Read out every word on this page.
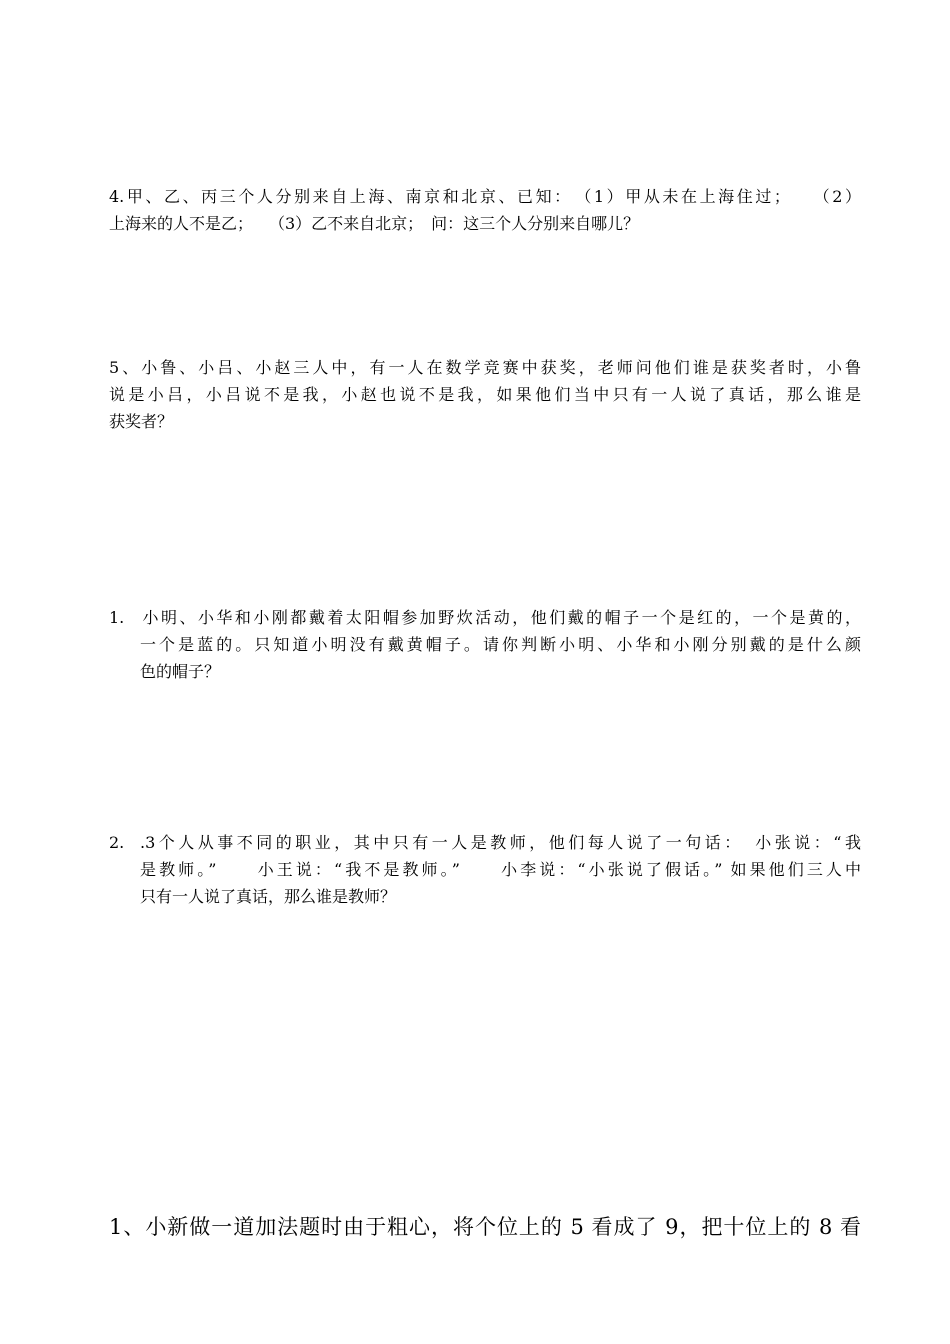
4.甲、乙、丙三个人分别来自上海、南京和北京、已知：　（1）甲从未在上海住过；　　（2）
上海来的人不是乙；　　（3）乙不来自北京；　问：这三个人分别来自哪儿？
5、小鲁、小吕、小赵三人中，有一人在数学竞赛中获奖，老师问他们谁是获奖者时，小鲁
说是小吕，小吕说不是我，小赵也说不是我，如果他们当中只有一人说了真话，那么谁是
获奖者？
1. 小明、小华和小刚都戴着太阳帽参加野炊活动，他们戴的帽子一个是红的，一个是黄的，
一个是蓝的。只知道小明没有戴黄帽子。请你判断小明、小华和小刚分别戴的是什么颜
色的帽子？
2. .3个人从事不同的职业，其中只有一人是教师，他们每人说了一句话：　小张说：“我
是教师。”　　小王说：“我不是教师。”　　小李说：“小张说了假话。” 如果他们三人中
只有一人说了真话，那么谁是教师？
1、小新做一道加法题时由于粗心，将个位上的 5 看成了 9，把十位上的 8 看
